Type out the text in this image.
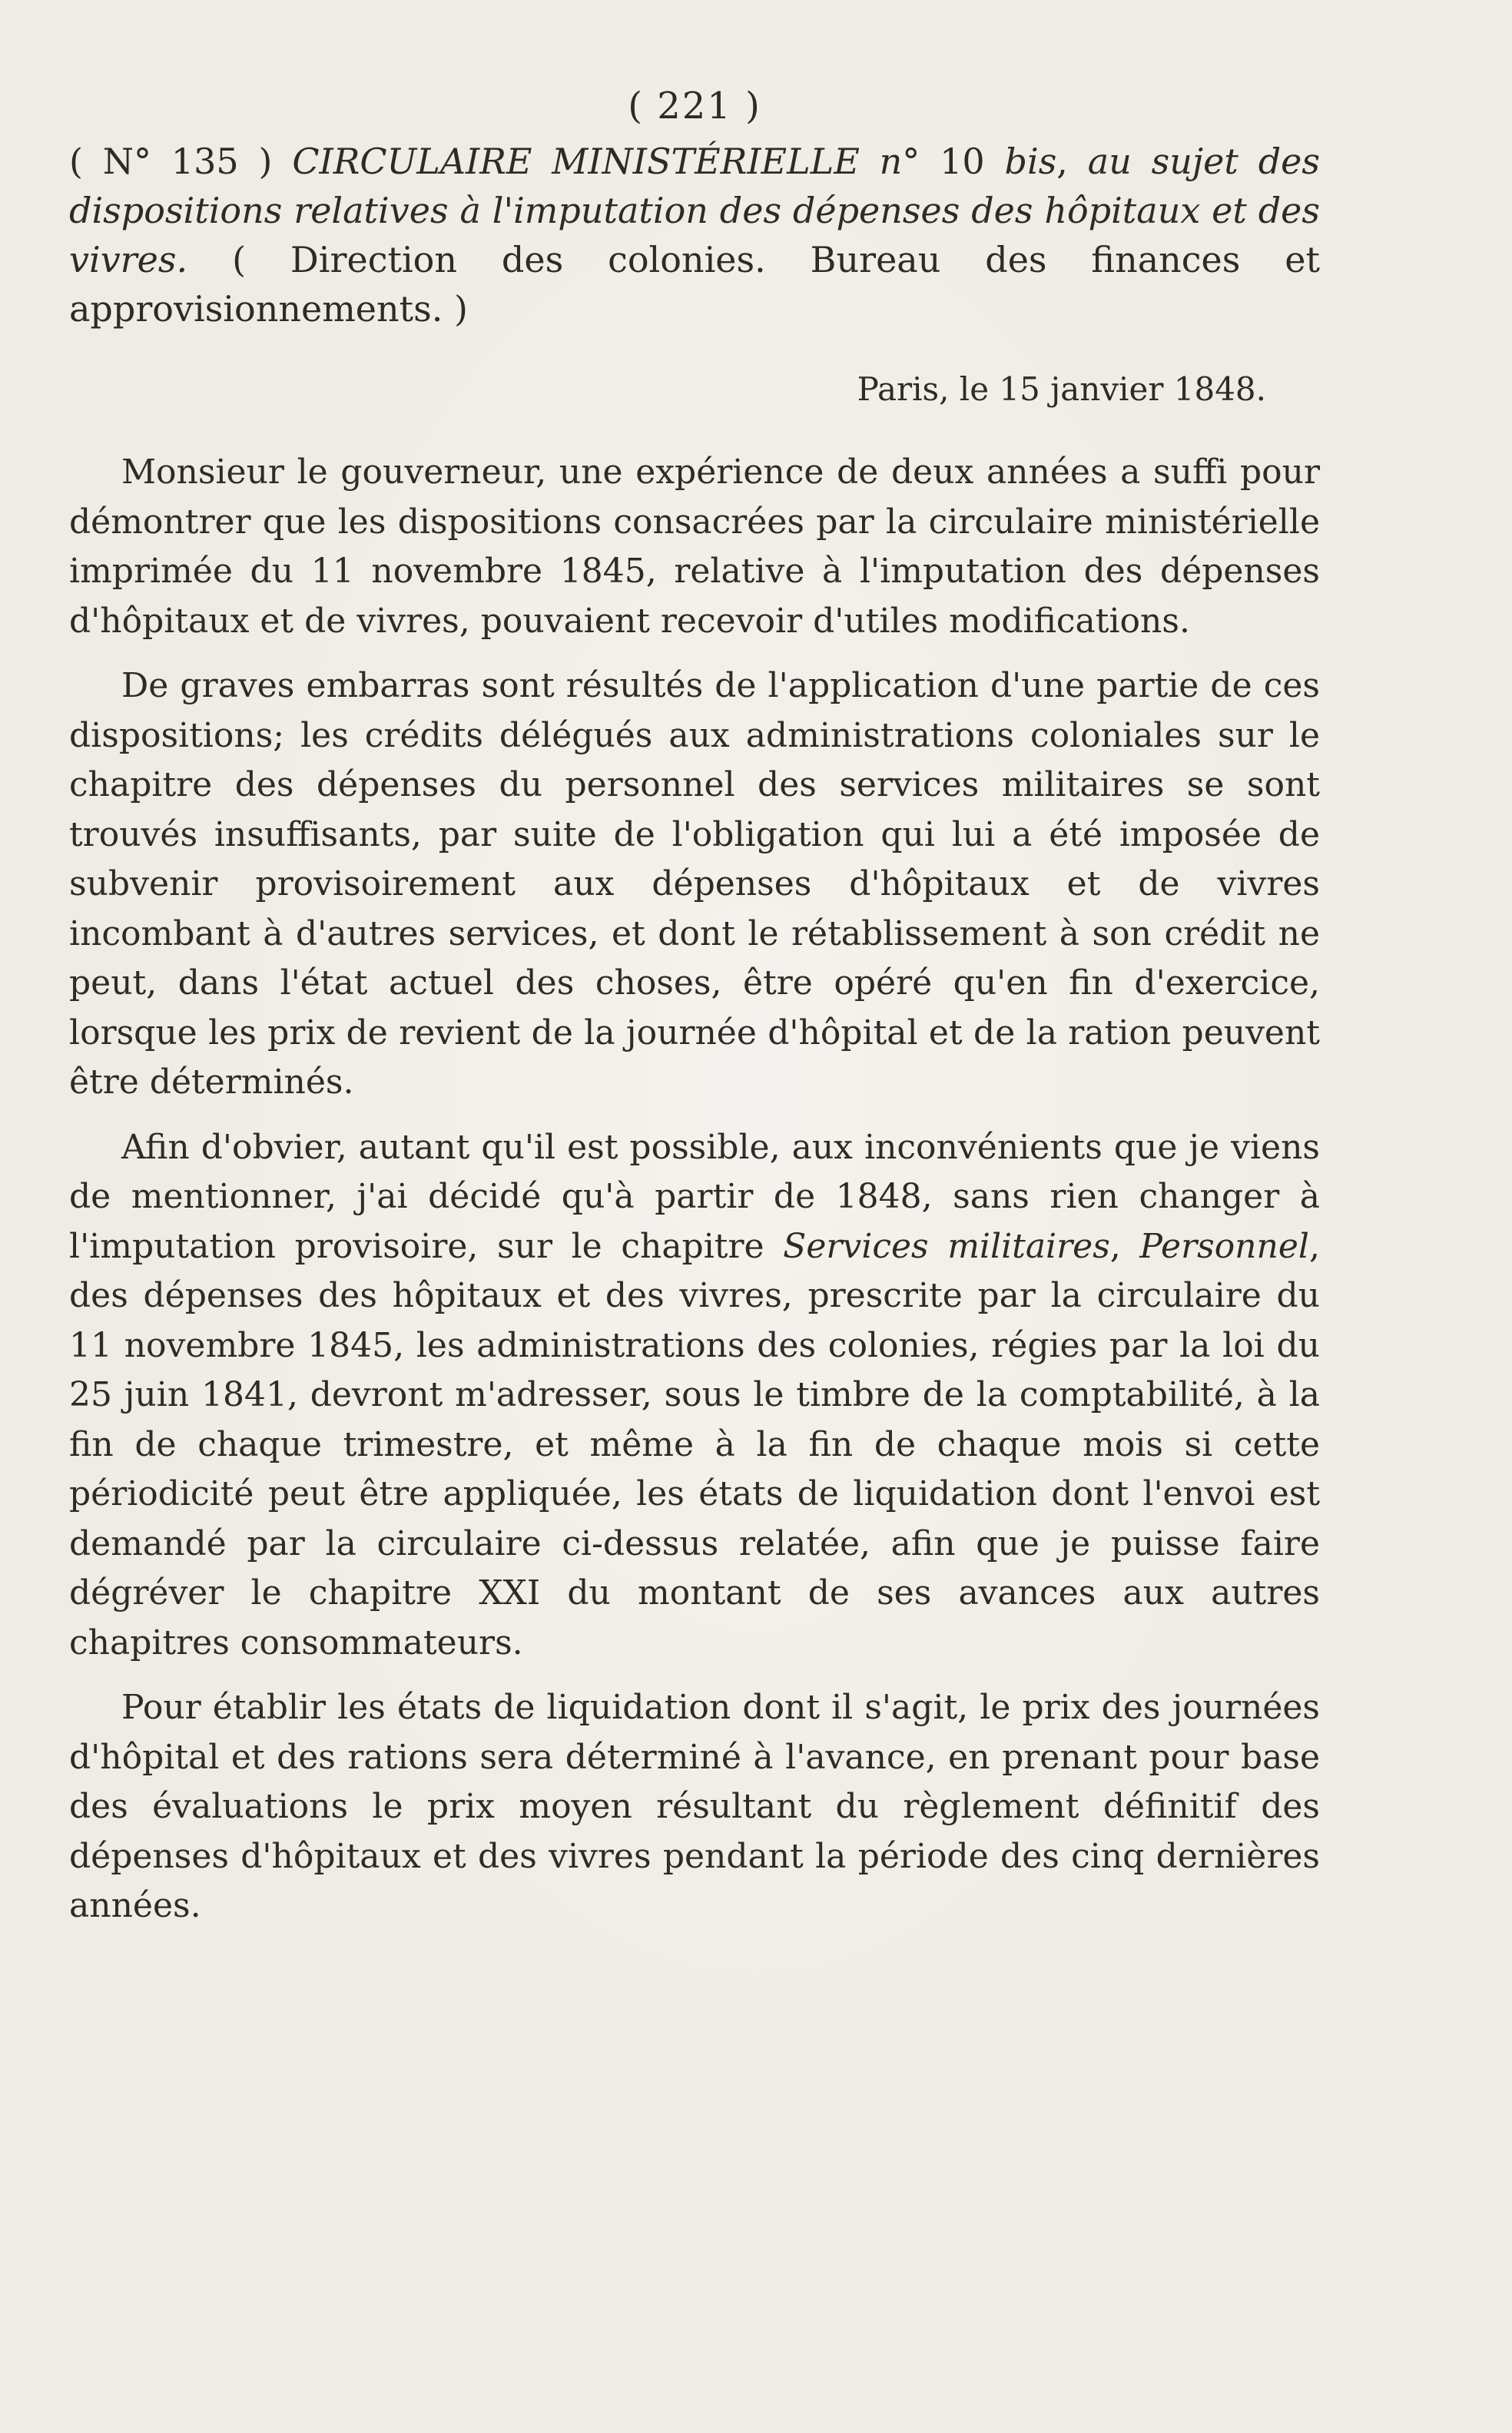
( 221 )

( N° 135 ) CIRCULAIRE MINISTÉRIELLE n° 10 bis, au sujet des dispositions relatives à l'imputation des dépenses des hôpitaux et des vivres. ( Direction des colonies. Bureau des finances et approvisionnements. )

Paris, le 15 janvier 1848.

Monsieur le gouverneur, une expérience de deux années a suffi pour démontrer que les dispositions consacrées par la circulaire ministérielle imprimée du 11 novembre 1845, relative à l'imputation des dépenses d'hôpitaux et de vivres, pouvaient recevoir d'utiles modifications.

De graves embarras sont résultés de l'application d'une partie de ces dispositions; les crédits délégués aux administrations coloniales sur le chapitre des dépenses du personnel des services militaires se sont trouvés insuffisants, par suite de l'obligation qui lui a été imposée de subvenir provisoirement aux dépenses d'hôpitaux et de vivres incombant à d'autres services, et dont le rétablissement à son crédit ne peut, dans l'état actuel des choses, être opéré qu'en fin d'exercice, lorsque les prix de revient de la journée d'hôpital et de la ration peuvent être déterminés.

Afin d'obvier, autant qu'il est possible, aux inconvénients que je viens de mentionner, j'ai décidé qu'à partir de 1848, sans rien changer à l'imputation provisoire, sur le chapitre Services militaires, Personnel, des dépenses des hôpitaux et des vivres, prescrite par la circulaire du 11 novembre 1845, les administrations des colonies, régies par la loi du 25 juin 1841, devront m'adresser, sous le timbre de la comptabilité, à la fin de chaque trimestre, et même à la fin de chaque mois si cette périodicité peut être appliquée, les états de liquidation dont l'envoi est demandé par la circulaire ci-dessus relatée, afin que je puisse faire dégréver le chapitre XXI du montant de ses avances aux autres chapitres consommateurs.

Pour établir les états de liquidation dont il s'agit, le prix des journées d'hôpital et des rations sera déterminé à l'avance, en prenant pour base des évaluations le prix moyen résultant du règlement définitif des dépenses d'hôpitaux et des vivres pendant la période des cinq dernières années.
